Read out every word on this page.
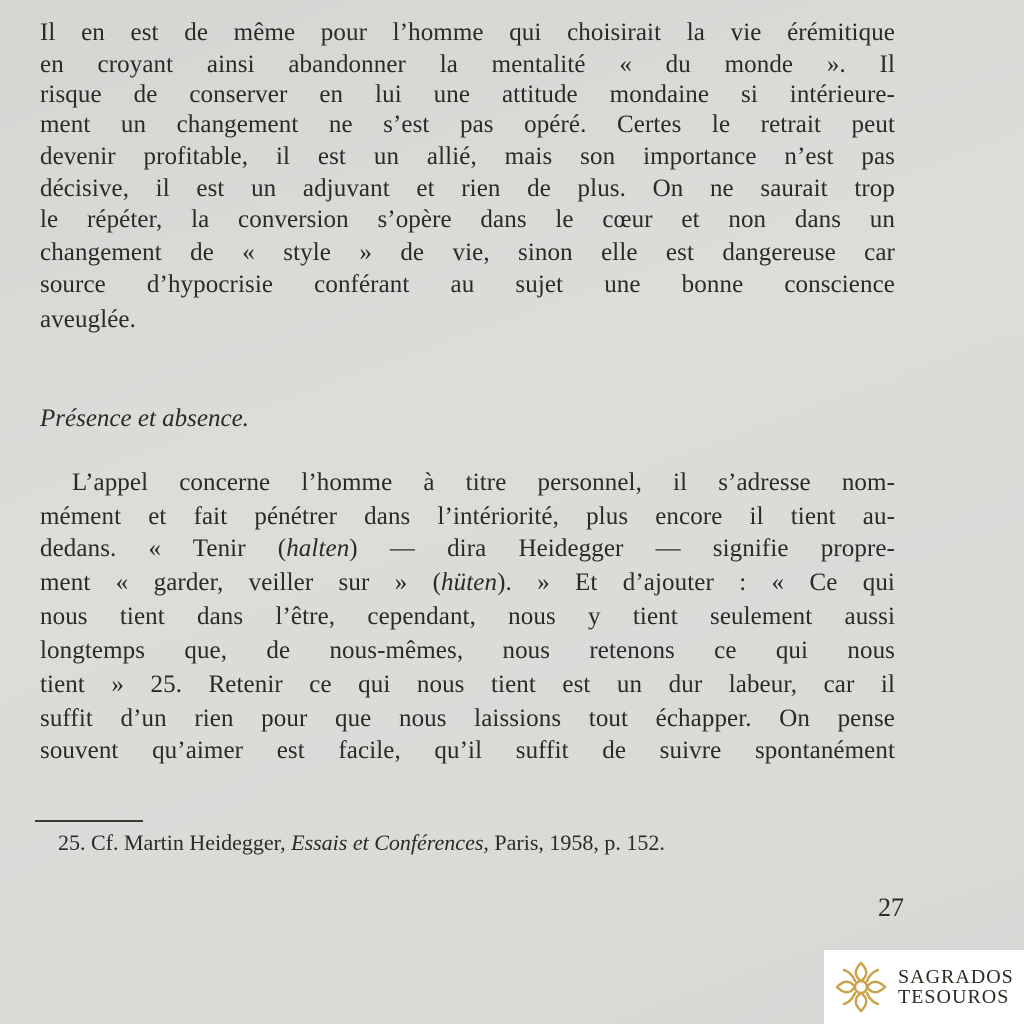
Il en est de même pour l’homme qui choisirait la vie érémitique
en croyant ainsi abandonner la mentalité « du monde ». Il
risque de conserver en lui une attitude mondaine si intérieure-
ment un changement ne s’est pas opéré. Certes le retrait peut
devenir profitable, il est un allié, mais son importance n’est pas
décisive, il est un adjuvant et rien de plus. On ne saurait trop
le répéter, la conversion s’opère dans le cœur et non dans un
changement de « style » de vie, sinon elle est dangereuse car
source d’hypocrisie conférant au sujet une bonne conscience
aveuglée.
Présence et absence.
L’appel concerne l’homme à titre personnel, il s’adresse nom-
mément et fait pénétrer dans l’intériorité, plus encore il tient au-
dedans. « Tenir (halten) — dira Heidegger — signifie propre-
ment « garder, veiller sur » (hüten). » Et d’ajouter : « Ce qui
nous tient dans l’être, cependant, nous y tient seulement aussi
longtemps que, de nous-mêmes, nous retenons ce qui nous
tient » 25. Retenir ce qui nous tient est un dur labeur, car il
suffit d’un rien pour que nous laissions tout échapper. On pense
souvent qu’aimer est facile, qu’il suffit de suivre spontanément
25. Cf. Martin Heidegger, Essais et Conférences, Paris, 1958, p. 152.
27
SAGRADOS
TESOUROS
